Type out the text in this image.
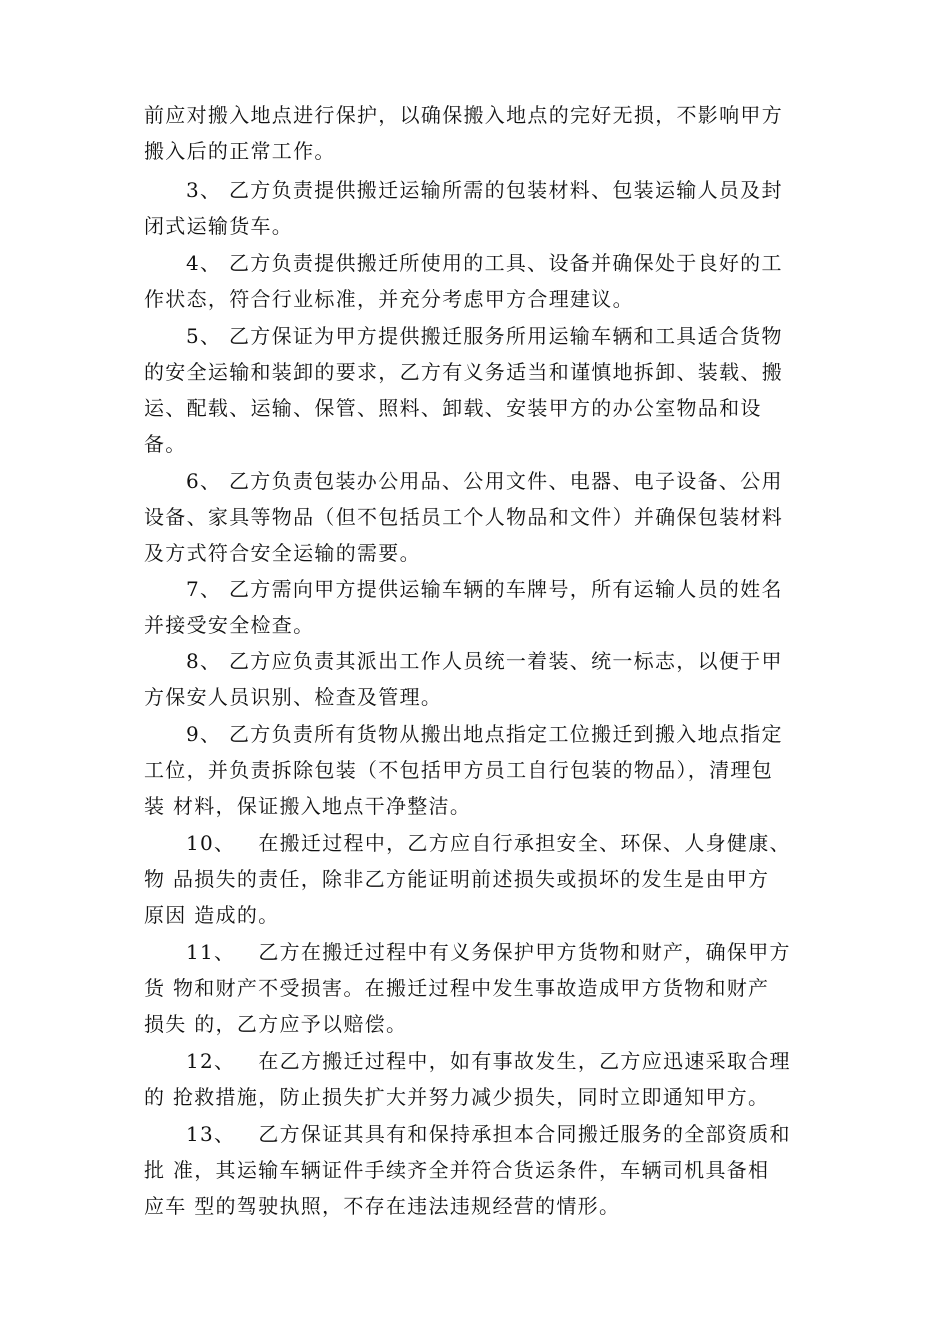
前应对搬入地点进行保护，以确保搬入地点的完好无损，不影响甲方
搬入后的正常工作。
3、 乙方负责提供搬迁运输所需的包装材料、包装运输人员及封
闭式运输货车。
4、 乙方负责提供搬迁所使用的工具、设备并确保处于良好的工
作状态，符合行业标准，并充分考虑甲方合理建议。
5、 乙方保证为甲方提供搬迁服务所用运输车辆和工具适合货物
的安全运输和装卸的要求，乙方有义务适当和谨慎地拆卸、装载、搬
运、配载、运输、保管、照料、卸载、安装甲方的办公室物品和设
备。
6、 乙方负责包装办公用品、公用文件、电器、电子设备、公用
设备、家具等物品（但不包括员工个人物品和文件）并确保包装材料
及方式符合安全运输的需要。
7、 乙方需向甲方提供运输车辆的车牌号，所有运输人员的姓名
并接受安全检查。
8、 乙方应负责其派出工作人员统一着装、统一标志，以便于甲
方保安人员识别、检查及管理。
9、 乙方负责所有货物从搬出地点指定工位搬迁到搬入地点指定
工位，并负责拆除包装（不包括甲方员工自行包装的物品），清理包
装 材料，保证搬入地点干净整洁。
10、   在搬迁过程中，乙方应自行承担安全、环保、人身健康、
物 品损失的责任，除非乙方能证明前述损失或损坏的发生是由甲方
原因 造成的。
11、   乙方在搬迁过程中有义务保护甲方货物和财产，确保甲方
货 物和财产不受损害。在搬迁过程中发生事故造成甲方货物和财产
损失 的，乙方应予以赔偿。
12、   在乙方搬迁过程中，如有事故发生，乙方应迅速采取合理
的 抢救措施，防止损失扩大并努力减少损失，同时立即通知甲方。
13、   乙方保证其具有和保持承担本合同搬迁服务的全部资质和
批 准，其运输车辆证件手续齐全并符合货运条件，车辆司机具备相
应车 型的驾驶执照，不存在违法违规经营的情形。
